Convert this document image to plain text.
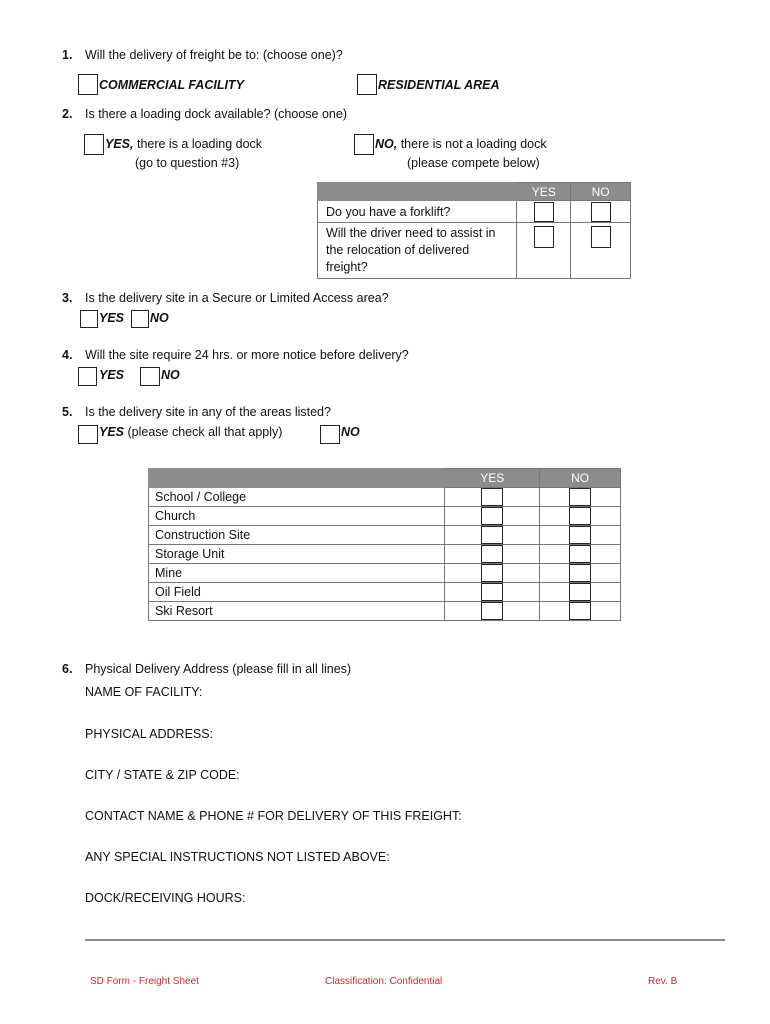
1. Will the delivery of freight be to: (choose one)?
COMMERCIAL FACILITY	RESIDENTIAL AREA
2. Is there a loading dock available? (choose one)
YES, there is a loading dock
(go to question #3)
NO, there is not a loading dock
(please compete below)
	YES	NO
Do you have a forklift?	

Will the driver need to assist in the relocation of delivered freight?	

3. Is the delivery site in a Secure or Limited Access area?
YES NO
4. Will the site require 24 hrs. or more notice before delivery?
YES	NO
5. Is the delivery site in any of the areas listed?
YES (please check all that apply)	NO
	YES	NO
School / College	

Church	

Construction Site	

Storage Unit	

Mine	

Oil Field	

Ski Resort	

6. Physical Delivery Address (please fill in all lines)
NAME OF FACILITY:
PHYSICAL ADDRESS:
CITY / STATE & ZIP CODE:
CONTACT NAME & PHONE # FOR DELIVERY OF THIS FREIGHT:
ANY SPECIAL INSTRUCTIONS NOT LISTED ABOVE:
DOCK/RECEIVING HOURS:
SD Form - Freight Sheet	Classification: Confidential	Rev. B
